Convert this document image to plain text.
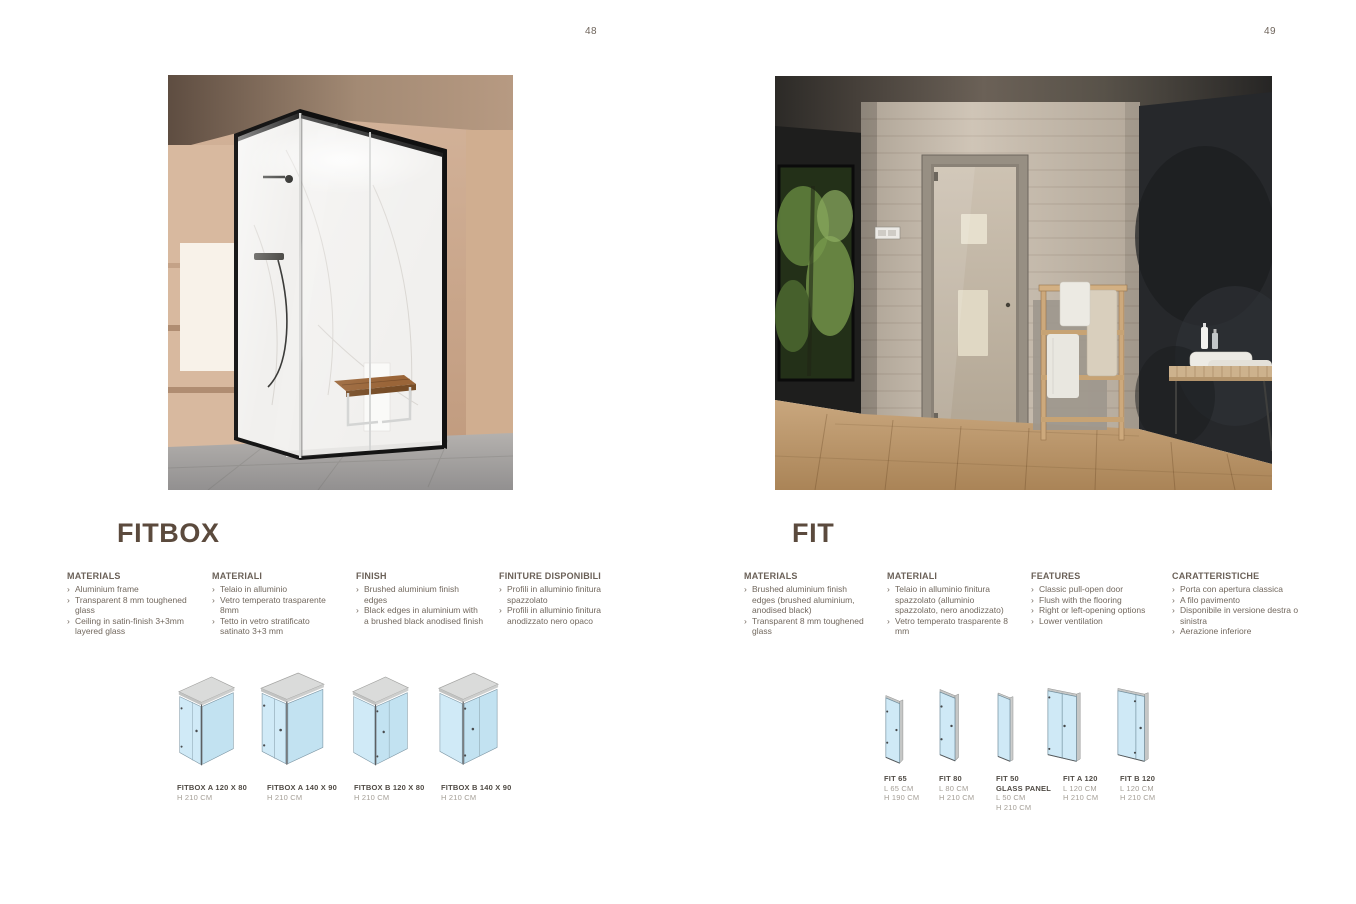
48	49
FITBOX	FIT
MATERIALS
› Aluminium frame
› Transparent 8 mm toughened glass
› Ceiling in satin-finish 3+3mm layered glass
MATERIALI
› Telaio in alluminio
› Vetro temperato trasparente 8mm
› Tetto in vetro stratificato satinato 3+3 mm
FINISH
› Brushed aluminium finish edges
› Black edges in aluminium with a brushed black anodised finish
FINITURE DISPONIBILI
› Profili in alluminio finitura spazzolato
› Profili in alluminio finitura anodizzato nero opaco
MATERIALS
› Brushed aluminium finish edges (brushed aluminium, anodised black)
› Transparent 8 mm toughened glass
MATERIALI
› Telaio in alluminio finitura spazzolato (alluminio spazzolato, nero anodizzato)
› Vetro temperato trasparente 8 mm
FEATURES
› Classic pull-open door
› Flush with the flooring
› Right or left-opening options
› Lower ventilation
CARATTERISTICHE
› Porta con apertura classica
› A filo pavimento
› Disponibile in versione destra o sinistra
› Aerazione inferiore
FITBOX A 120 X 80
H 210 CM
FITBOX A 140 X 90
H 210 CM
FITBOX B 120 X 80
H 210 CM
FITBOX B 140 X 90
H 210 CM
FIT 65
L 65 CM
H 190 CM
FIT 80
L 80 CM
H 210 CM
FIT 50
GLASS PANEL
L 50 CM
H 210 CM
FIT A 120
L 120 CM
H 210 CM
FIT B 120
L 120 CM
H 210 CM
